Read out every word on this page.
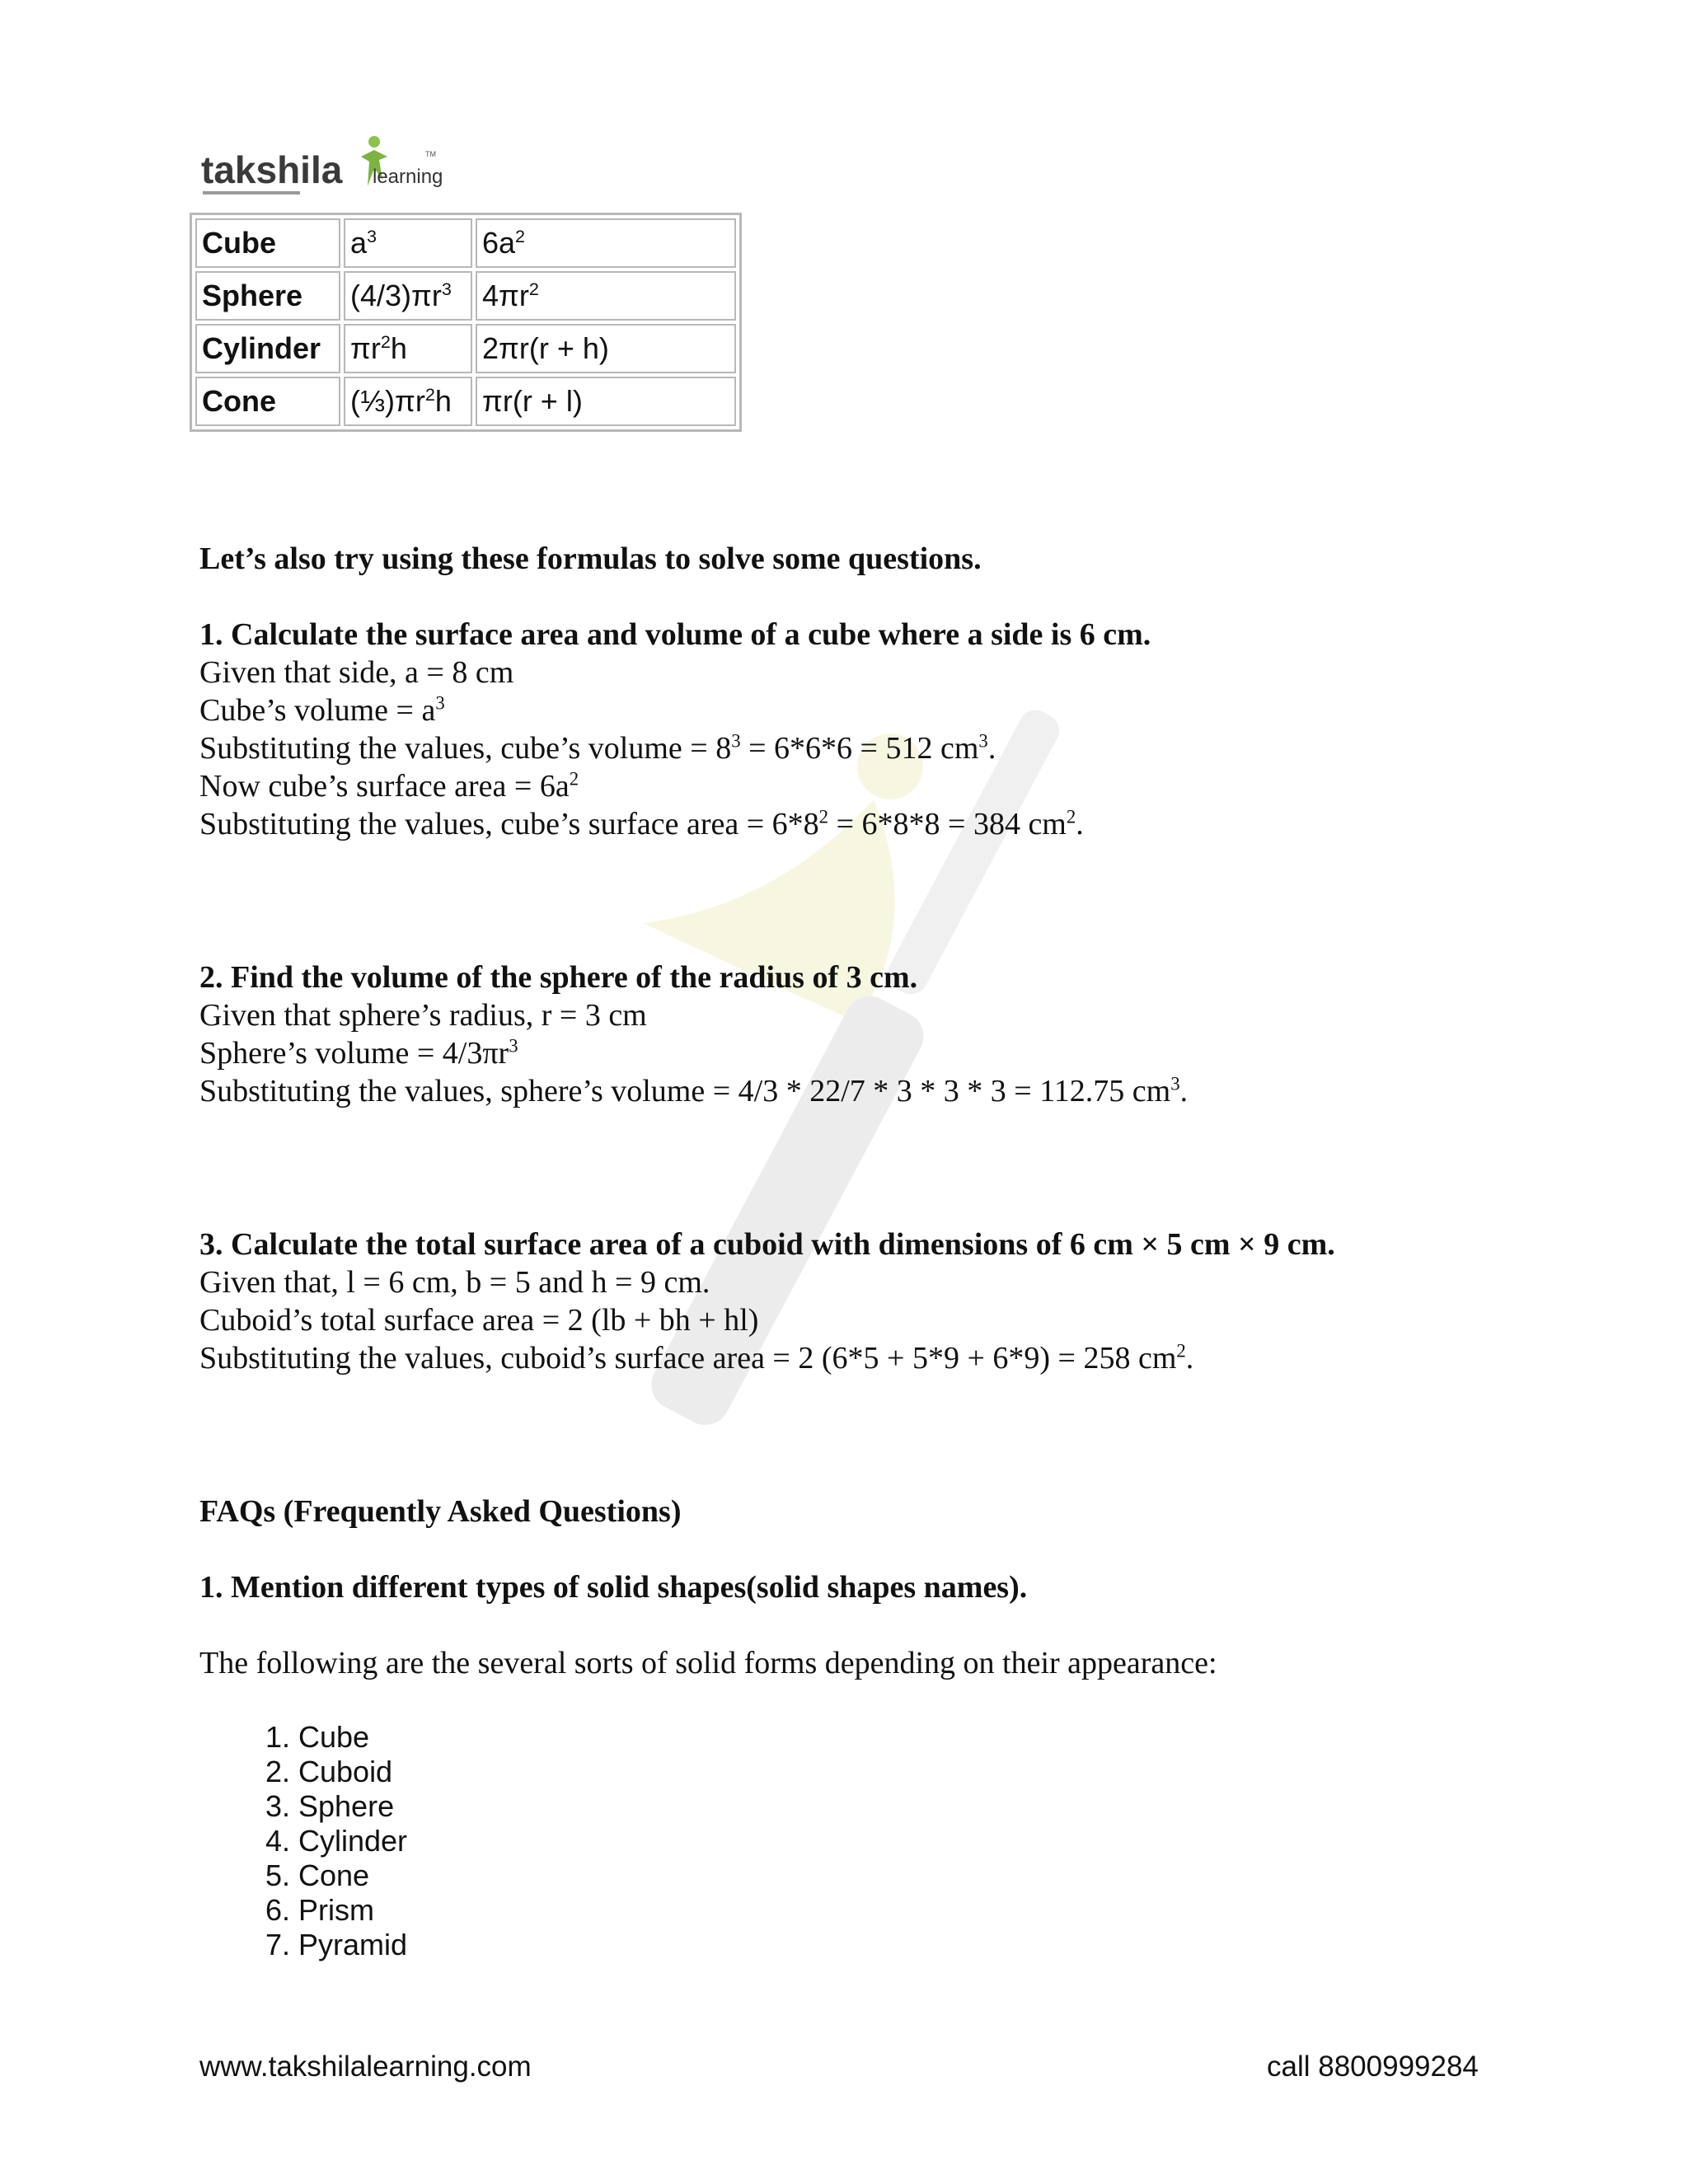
takshila learning
TM
Cube	$a^3$	$6a^2$
Sphere	$(4/3)\pi r^3$	$4\pi r^2$
Cylinder	$\pi r^2h$	2πr(r + h)
Cone	$(\frac{1}{3})\pi r^2h$	πr(r + l)

Let’s also try using these formulas to solve some questions.

1. Calculate the surface area and volume of a cube where a side is 6 cm.

Given that side, a = 8 cm

Cube’s volume = $a^3$

Substituting the values, cube’s volume = $8^3 = 6*6*6 = 512$ $cm^3$.

Now cube’s surface area = $6a^2$

Substituting the values, cube’s surface area = $6*8^2 = 6*8*8 = 384$ $cm^2$.

2. Find the volume of the sphere of the radius of 3 cm.

Given that sphere’s radius, r = 3 cm

Sphere’s volume = $4/3\pi r^3$

Substituting the values, sphere’s volume = 4/3 * 22/7 * 3 * 3 * 3 = 112.75 $cm^3$.

3. Calculate the total surface area of a cuboid with dimensions of 6 cm × 5 cm × 9 cm.

Given that, l = 6 cm, b = 5 and h = 9 cm.

Cuboid’s total surface area = 2 (lb + bh + hl)

Substituting the values, cuboid’s surface area = 2 (6*5 + 5*9 + 6*9) = 258 $cm^2$.

FAQs (Frequently Asked Questions)

1. Mention different types of solid shapes(solid shapes names).

The following are the several sorts of solid forms depending on their appearance:

1. Cube
2. Cuboid
3. Sphere
4. Cylinder
5. Cone
6. Prism
7. Pyramid
www.takshilalearning.com	call 8800999284
